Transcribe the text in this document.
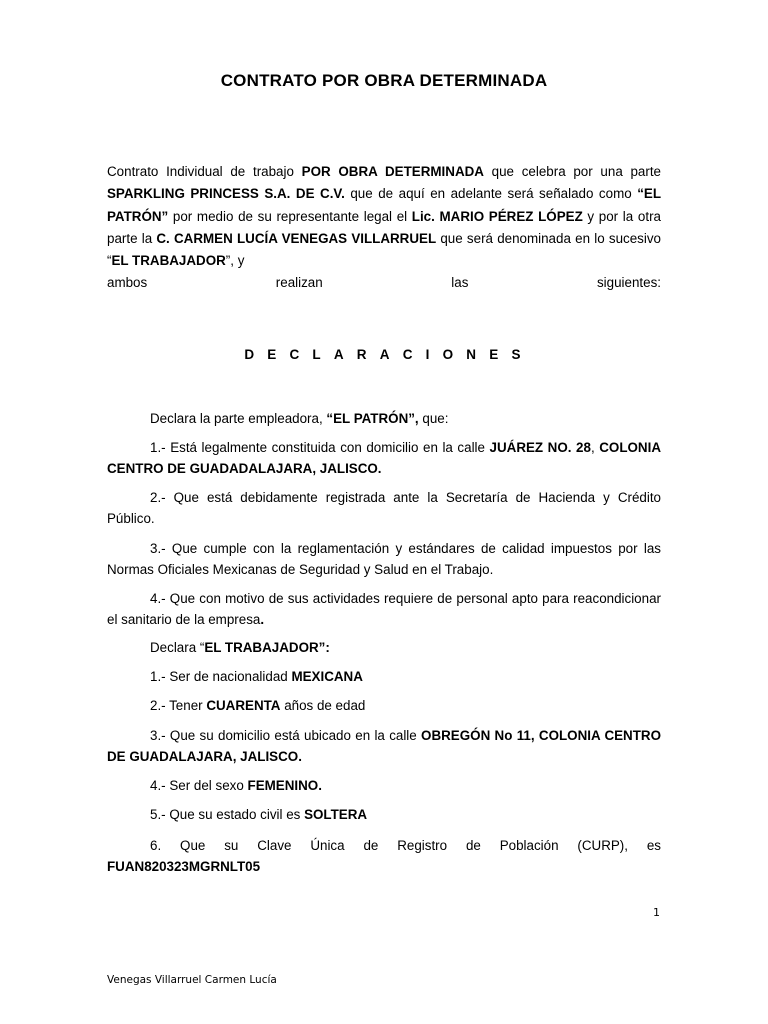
CONTRATO POR OBRA DETERMINADA
Contrato Individual de trabajo POR OBRA DETERMINADA que celebra por una parte SPARKLING PRINCESS S.A. DE C.V. que de aquí en adelante será señalado como “EL PATRÓN” por medio de su representante legal el Lic. MARIO PÉREZ LÓPEZ y por la otra parte la C. CARMEN LUCÍA VENEGAS VILLARRUEL que será denominada en lo sucesivo “EL TRABAJADOR”, y
ambos	realizan	las	siguientes:
DECLARACIONES

Declara la parte empleadora, “EL PATRÓN”, que:

1.- Está legalmente constituida con domicilio en la calle JUÁREZ NO. 28, COLONIA CENTRO DE GUADADALAJARA, JALISCO.

2.- Que está debidamente registrada ante la Secretaría de Hacienda y Crédito Público.

3.- Que cumple con la reglamentación y estándares de calidad impuestos por las Normas Oficiales Mexicanas de Seguridad y Salud en el Trabajo.

4.- Que con motivo de sus actividades requiere de personal apto para reacondicionar el sanitario de la empresa.

Declara “EL TRABAJADOR”:

1.- Ser de nacionalidad MEXICANA

2.- Tener CUARENTA años de edad

3.- Que su domicilio está ubicado en la calle OBREGÓN No 11, COLONIA CENTRO DE GUADALAJARA, JALISCO.

4.- Ser del sexo FEMENINO.

5.- Que su estado civil es SOLTERA

6. Que su Clave Única de Registro de Población (CURP), es FUAN820323MGRNLT05

1
Venegas Villarruel Carmen Lucía
